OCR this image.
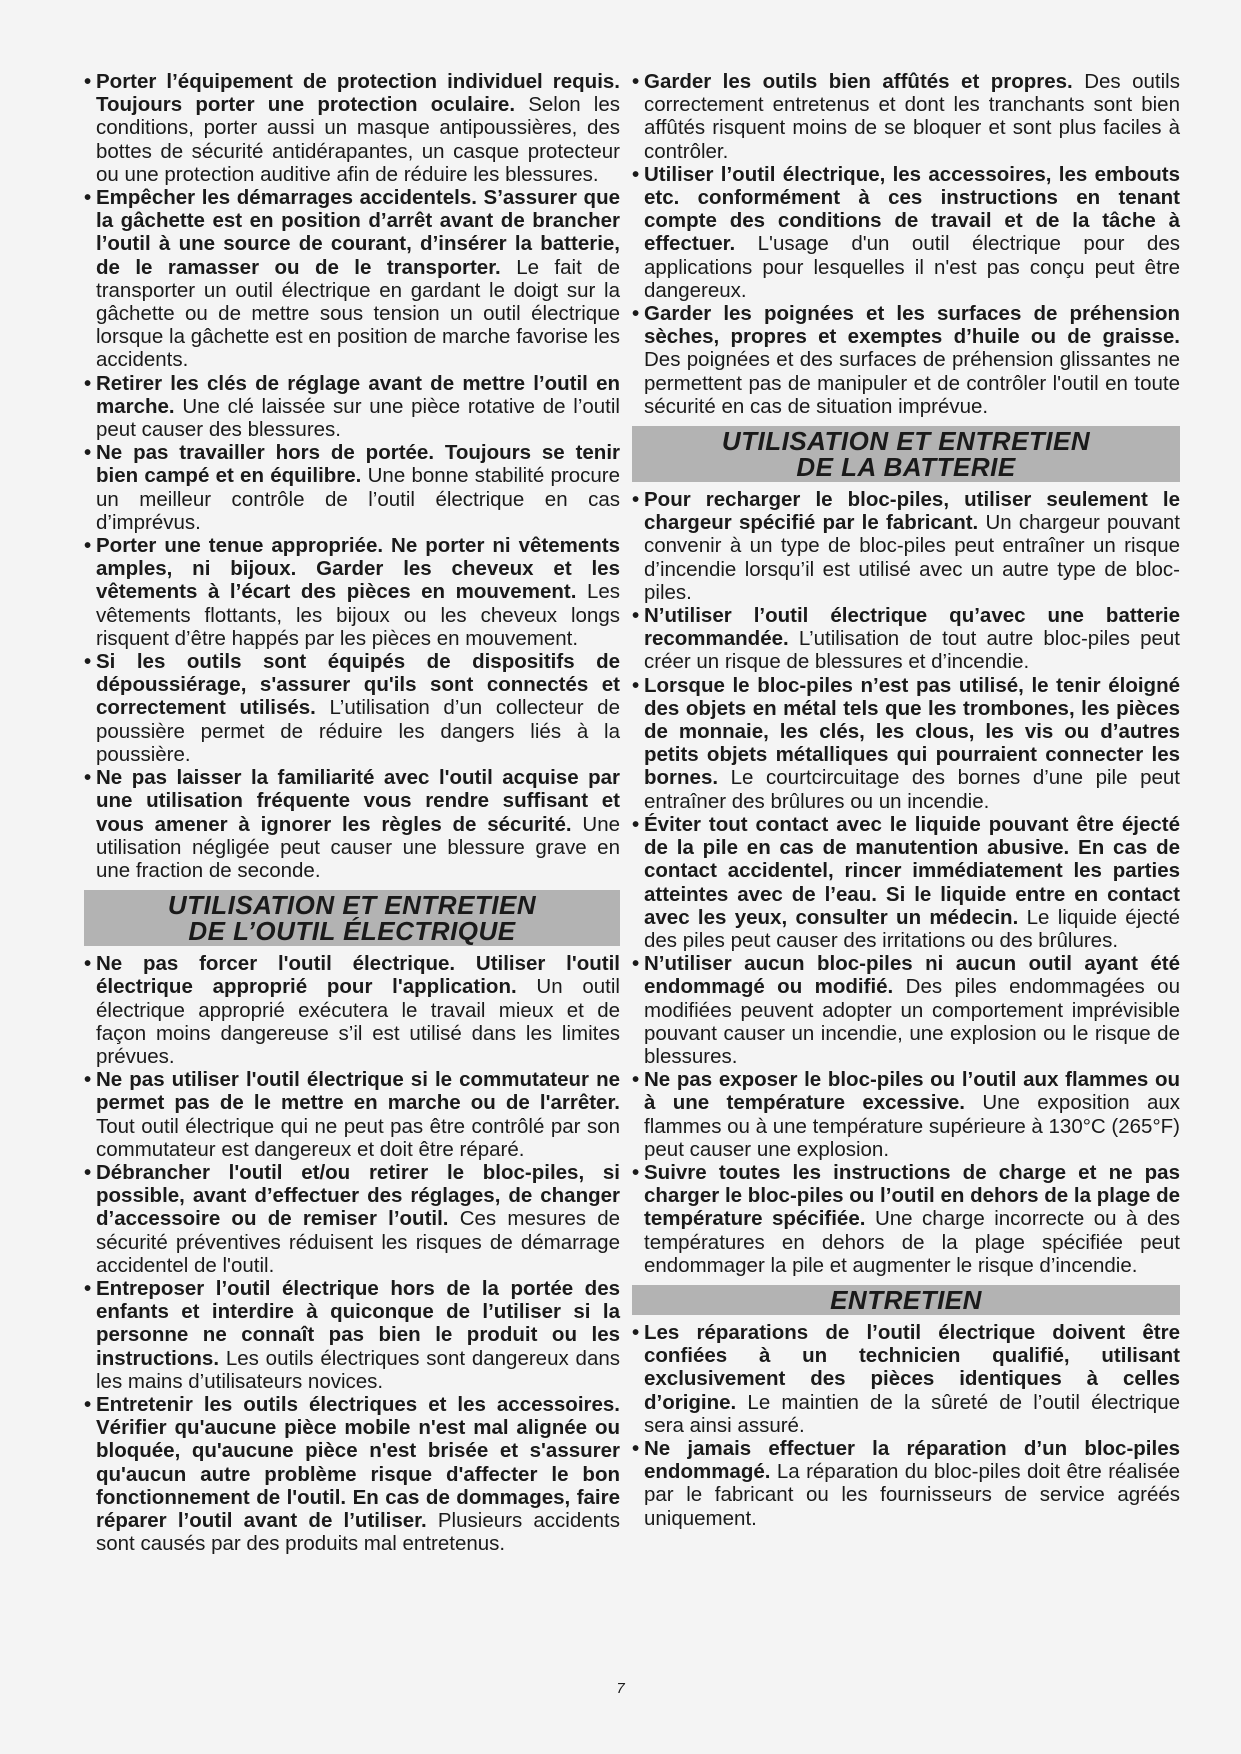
• Porter l’équipement de protection individuel requis. Toujours porter une protection oculaire. Selon les conditions, porter aussi un masque antipoussières, des bottes de sécurité antidérapantes, un casque protecteur ou une protection auditive afin de réduire les blessures.

• Empêcher les démarrages accidentels. S’assurer que la gâchette est en position d’arrêt avant de brancher l’outil à une source de courant, d’insérer la batterie, de le ramasser ou de le transporter. Le fait de transporter un outil électrique en gardant le doigt sur la gâchette ou de mettre sous tension un outil électrique lorsque la gâchette est en position de marche favorise les accidents.

• Retirer les clés de réglage avant de mettre l’outil en marche. Une clé laissée sur une pièce rotative de l’outil peut causer des blessures.

• Ne pas travailler hors de portée. Toujours se tenir bien campé et en équilibre. Une bonne stabilité procure un meilleur contrôle de l’outil électrique en cas d’imprévus.

• Porter une tenue appropriée. Ne porter ni vêtements amples, ni bijoux. Garder les cheveux et les vêtements à l’écart des pièces en mouvement. Les vêtements flottants, les bijoux ou les cheveux longs risquent d’être happés par les pièces en mouvement.

• Si les outils sont équipés de dispositifs de dépoussiérage, s'assurer qu'ils sont connectés et correctement utilisés. L’utilisation d’un collecteur de poussière permet de réduire les dangers liés à la poussière.

• Ne pas laisser la familiarité avec l'outil acquise par une utilisation fréquente vous rendre suffisant et vous amener à ignorer les règles de sécurité. Une utilisation négligée peut causer une blessure grave en une fraction de seconde.

UTILISATION ET ENTRETIEN
DE L’OUTIL ÉLECTRIQUE

• Ne pas forcer l'outil électrique. Utiliser l'outil électrique approprié pour l'application. Un outil électrique approprié exécutera le travail mieux et de façon moins dangereuse s’il est utilisé dans les limites prévues.

• Ne pas utiliser l'outil électrique si le commutateur ne permet pas de le mettre en marche ou de l'arrêter. Tout outil électrique qui ne peut pas être contrôlé par son commutateur est dangereux et doit être réparé.

• Débrancher l'outil et/ou retirer le bloc-piles, si possible, avant d’effectuer des réglages, de changer d’accessoire ou de remiser l’outil. Ces mesures de sécurité préventives réduisent les risques de démarrage accidentel de l'outil.

• Entreposer l’outil électrique hors de la portée des enfants et interdire à quiconque de l’utiliser si la personne ne connaît pas bien le produit ou les instructions. Les outils électriques sont dangereux dans les mains d’utilisateurs novices.

• Entretenir les outils électriques et les accessoires. Vérifier qu'aucune pièce mobile n'est mal alignée ou bloquée, qu'aucune pièce n'est brisée et s'assurer qu'aucun autre problème risque d'affecter le bon fonctionnement de l'outil. En cas de dommages, faire réparer l’outil avant de l’utiliser. Plusieurs accidents sont causés par des produits mal entretenus.

• Garder les outils bien affûtés et propres. Des outils correctement entretenus et dont les tranchants sont bien affûtés risquent moins de se bloquer et sont plus faciles à contrôler.

• Utiliser l’outil électrique, les accessoires, les embouts etc. conformément à ces instructions en tenant compte des conditions de travail et de la tâche à effectuer. L'usage d'un outil électrique pour des applications pour lesquelles il n'est pas conçu peut être dangereux.

• Garder les poignées et les surfaces de préhension sèches, propres et exemptes d’huile ou de graisse. Des poignées et des surfaces de préhension glissantes ne permettent pas de manipuler et de contrôler l'outil en toute sécurité en cas de situation imprévue.

UTILISATION ET ENTRETIEN
DE LA BATTERIE

• Pour recharger le bloc-piles, utiliser seulement le chargeur spécifié par le fabricant. Un chargeur pouvant convenir à un type de bloc-piles peut entraîner un risque d’incendie lorsqu’il est utilisé avec un autre type de bloc-piles.

• N’utiliser l’outil électrique qu’avec une batterie recommandée. L’utilisation de tout autre bloc-piles peut créer un risque de blessures et d’incendie.

• Lorsque le bloc-piles n’est pas utilisé, le tenir éloigné des objets en métal tels que les trombones, les pièces de monnaie, les clés, les clous, les vis ou d’autres petits objets métalliques qui pourraient connecter les bornes. Le courtcircuitage des bornes d’une pile peut entraîner des brûlures ou un incendie.

• Éviter tout contact avec le liquide pouvant être éjecté de la pile en cas de manutention abusive. En cas de contact accidentel, rincer immédiatement les parties atteintes avec de l’eau. Si le liquide entre en contact avec les yeux, consulter un médecin. Le liquide éjecté des piles peut causer des irritations ou des brûlures.

• N’utiliser aucun bloc-piles ni aucun outil ayant été endommagé ou modifié. Des piles endommagées ou modifiées peuvent adopter un comportement imprévisible pouvant causer un incendie, une explosion ou le risque de blessures.

• Ne pas exposer le bloc-piles ou l’outil aux flammes ou à une température excessive. Une exposition aux flammes ou à une température supérieure à 130°C (265°F) peut causer une explosion.

• Suivre toutes les instructions de charge et ne pas charger le bloc-piles ou l’outil en dehors de la plage de température spécifiée. Une charge incorrecte ou à des températures en dehors de la plage spécifiée peut endommager la pile et augmenter le risque d’incendie.

ENTRETIEN

• Les réparations de l’outil électrique doivent être confiées à un technicien qualifié, utilisant exclusivement des pièces identiques à celles d’origine. Le maintien de la sûreté de l’outil électrique sera ainsi assuré.

• Ne jamais effectuer la réparation d’un bloc-piles endommagé. La réparation du bloc-piles doit être réalisée par le fabricant ou les fournisseurs de service agréés uniquement.

7
